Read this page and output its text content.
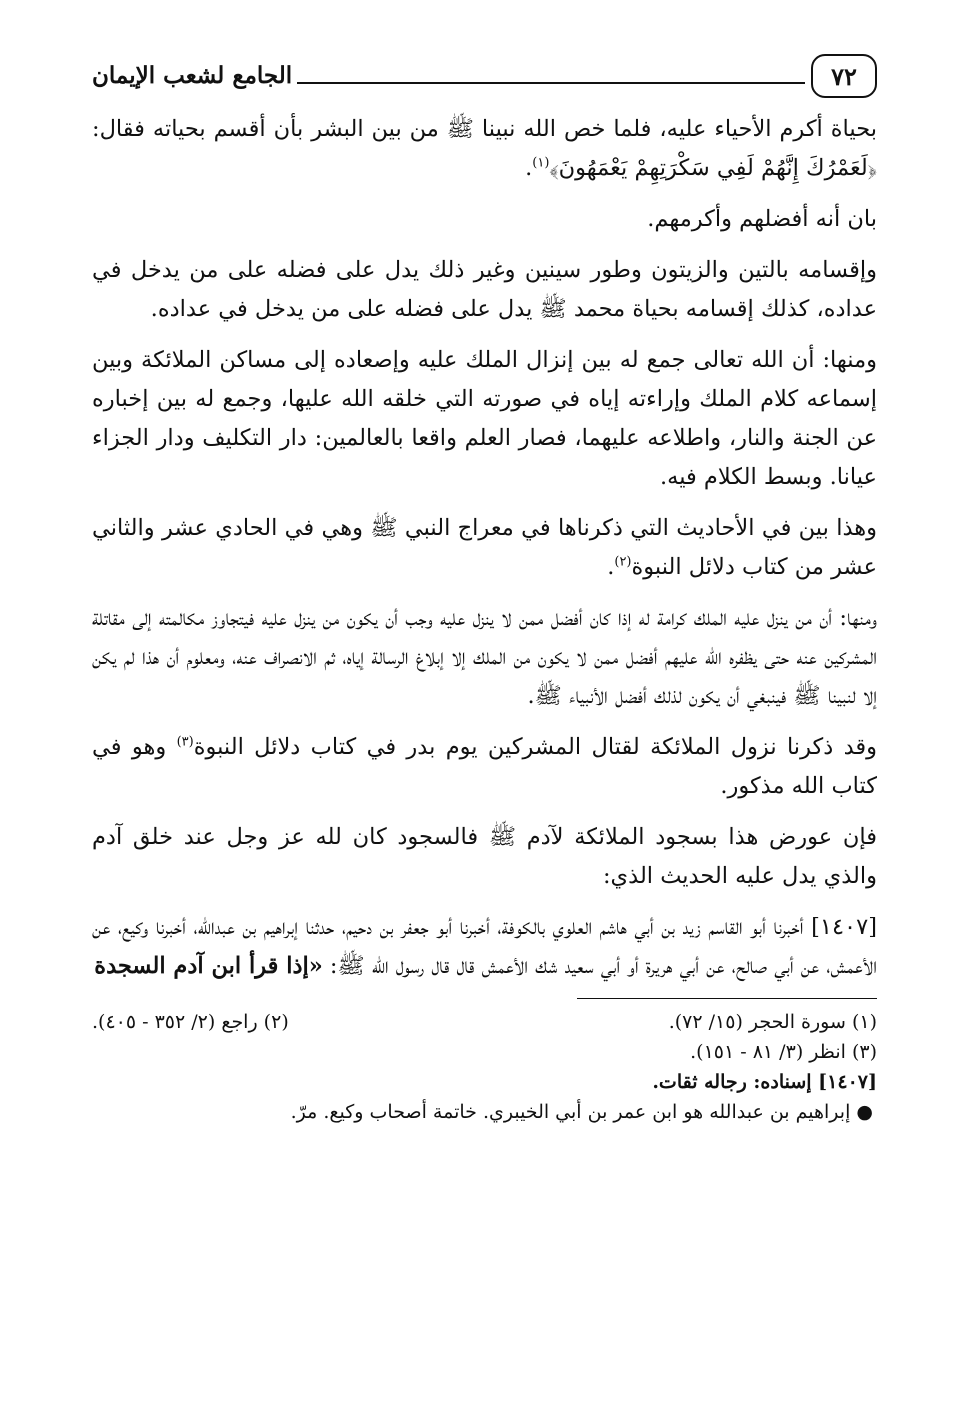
٧٢
الجامع لشعب الإيمان

بحياة أكرم الأحياء عليه، فلما خص الله نبينا ﷺ من بين البشر بأن أقسم بحياته فقال: ﴿لَعَمْرُكَ إِنَّهُمْ لَفِي سَكْرَتِهِمْ يَعْمَهُونَ﴾$^{(١)}$.

بان أنه أفضلهم وأكرمهم.

وإقسامه بالتين والزيتون وطور سينين وغير ذلك يدل على فضله على من يدخل في عداده، كذلك إقسامه بحياة محمد ﷺ يدل على فضله على من يدخل في عداده.

ومنها: أن الله تعالى جمع له بين إنزال الملك عليه وإصعاده إلى مساكن الملائكة وبين إسماعه كلام الملك وإراءته إياه في صورته التي خلقه الله عليها، وجمع له بين إخباره عن الجنة والنار، واطلاعه عليهما، فصار العلم واقعا بالعالمين: دار التكليف ودار الجزاء عيانا. وبسط الكلام فيه.

وهذا بين في الأحاديث التي ذكرناها في معراج النبي ﷺ وهي في الحادي عشر والثاني عشر من كتاب دلائل النبوة$^{(٢)}$.

ومنها: أن من ينزل عليه الملك كرامة له إذا كان أفضل ممن لا ينزل عليه وجب أن يكون من ينزل عليه فيتجاوز مكالمته إلى مقاتلة المشركين عنه حتى يظفره الله عليهم أفضل ممن لا يكون من الملك إلا إبلاغ الرسالة إياه، ثم الانصراف عنه، ومعلوم أن هذا لم يكن إلا لنبينا ﷺ فينبغي أن يكون لذلك أفضل الأنبياء ﷺ.

وقد ذكرنا نزول الملائكة لقتال المشركين يوم بدر في كتاب دلائل النبوة$^{(٣)}$ وهو في كتاب الله مذكور.

فإن عورض هذا بسجود الملائكة لآدم ﷺ فالسجود كان لله عز وجل عند خلق آدم والذي يدل عليه الحديث الذي:

[١٤٠٧] أخبرنا أبو القاسم زيد بن أبي هاشم العلوي بالكوفة، أخبرنا أبو جعفر بن دحيم، حدثنا إبراهيم بن عبدالله، أخبرنا وكيع، عن الأعمش، عن أبي صالح، عن أبي هريرة أو أبي سعيد شك الأعمش قال قال رسول الله ﷺ: «إذا قرأ ابن آدم السجدة

(١) سورة الحجر (١٥/ ٧٢).
(٢) راجع (٢/ ٣٥٢ - ٤٠٥).
(٣) انظر (٣/ ٨١ - ١٥١).
[١٤٠٧] إسناده: رجاله ثقات.
● إبراهيم بن عبدالله هو ابن عمر بن أبي الخيبري. خاتمة أصحاب وكيع. مرّ.
